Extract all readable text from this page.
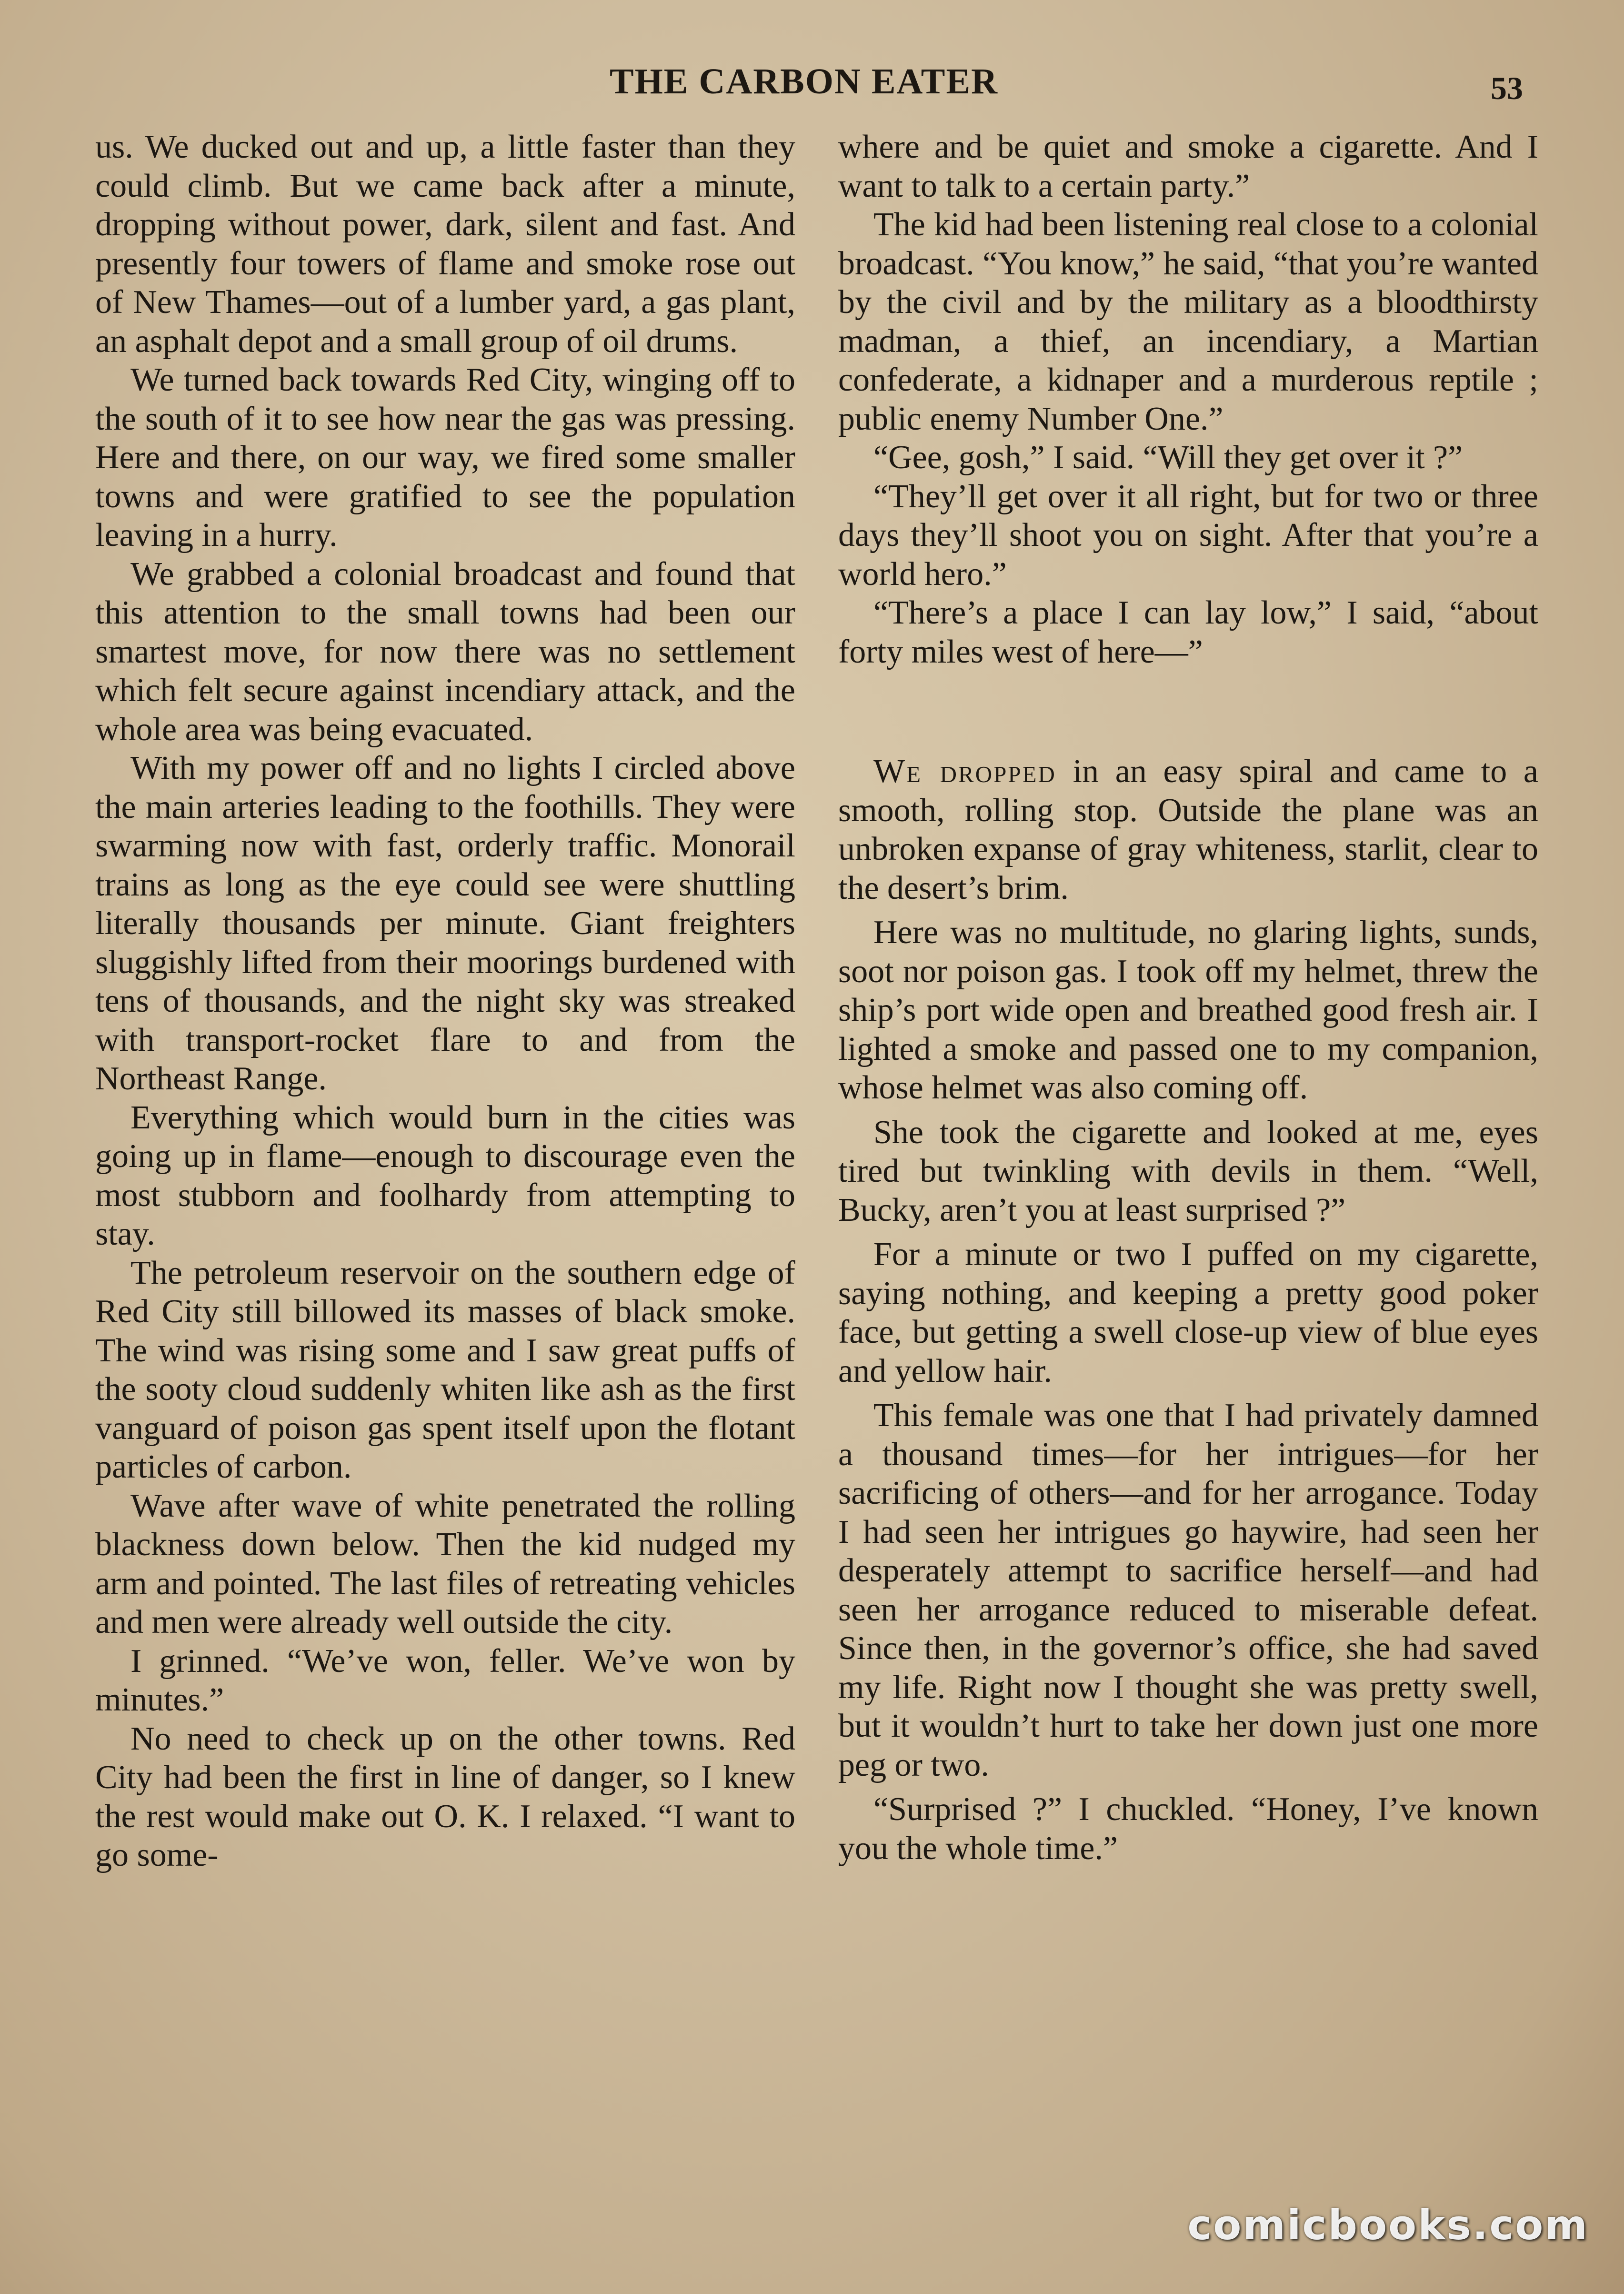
THE CARBON EATER	53

us. We ducked out and up, a little faster than they could climb. But we came back after a minute, dropping without power, dark, silent and fast. And presently four towers of flame and smoke rose out of New Thames—out of a lumber yard, a gas plant, an asphalt depot and a small group of oil drums.

We turned back towards Red City, winging off to the south of it to see how near the gas was pressing. Here and there, on our way, we fired some smaller towns and were gratified to see the population leaving in a hurry.

We grabbed a colonial broadcast and found that this attention to the small towns had been our smartest move, for now there was no settlement which felt secure against incendiary attack, and the whole area was being evacuated.

With my power off and no lights I circled above the main arteries leading to the foothills. They were swarming now with fast, orderly traffic. Monorail trains as long as the eye could see were shuttling literally thousands per minute. Giant freighters sluggishly lifted from their moorings burdened with tens of thousands, and the night sky was streaked with transport-rocket flare to and from the Northeast Range.

Everything which would burn in the cities was going up in flame—enough to discourage even the most stubborn and foolhardy from attempting to stay.

The petroleum reservoir on the southern edge of Red City still billowed its masses of black smoke. The wind was rising some and I saw great puffs of the sooty cloud suddenly whiten like ash as the first vanguard of poison gas spent itself upon the flotant particles of carbon.

Wave after wave of white penetrated the rolling blackness down below. Then the kid nudged my arm and pointed. The last files of retreating vehicles and men were already well outside the city.

I grinned. “We’ve won, feller. We’ve won by minutes.”

No need to check up on the other towns. Red City had been the first in line of danger, so I knew the rest would make out O. K. I relaxed. “I want to go some-

where and be quiet and smoke a cigarette. And I want to talk to a certain party.”

The kid had been listening real close to a colonial broadcast. “You know,” he said, “that you’re wanted by the civil and by the military as a bloodthirsty madman, a thief, an incendiary, a Martian confederate, a kidnaper and a murderous reptile ; public enemy Number One.”

“Gee, gosh,” I said. “Will they get over it ?”

“They’ll get over it all right, but for two or three days they’ll shoot you on sight. After that you’re a world hero.”

“There’s a place I can lay low,” I said, “about forty miles west of here—”

We dropped in an easy spiral and came to a smooth, rolling stop. Outside the plane was an unbroken expanse of gray whiteness, starlit, clear to the desert’s brim.

Here was no multitude, no glaring lights, sunds, soot nor poison gas. I took off my helmet, threw the ship’s port wide open and breathed good fresh air. I lighted a smoke and passed one to my companion, whose helmet was also coming off.

She took the cigarette and looked at me, eyes tired but twinkling with devils in them. “Well, Bucky, aren’t you at least surprised ?”

For a minute or two I puffed on my cigarette, saying nothing, and keeping a pretty good poker face, but getting a swell close-up view of blue eyes and yellow hair.

This female was one that I had privately damned a thousand times—for her intrigues—for her sacrificing of others—and for her arrogance. Today I had seen her intrigues go haywire, had seen her desperately attempt to sacrifice herself—and had seen her arrogance reduced to miserable defeat. Since then, in the governor’s office, she had saved my life. Right now I thought she was pretty swell, but it wouldn’t hurt to take her down just one more peg or two.

“Surprised ?” I chuckled. “Honey, I’ve known you the whole time.”

comicbooks.com
